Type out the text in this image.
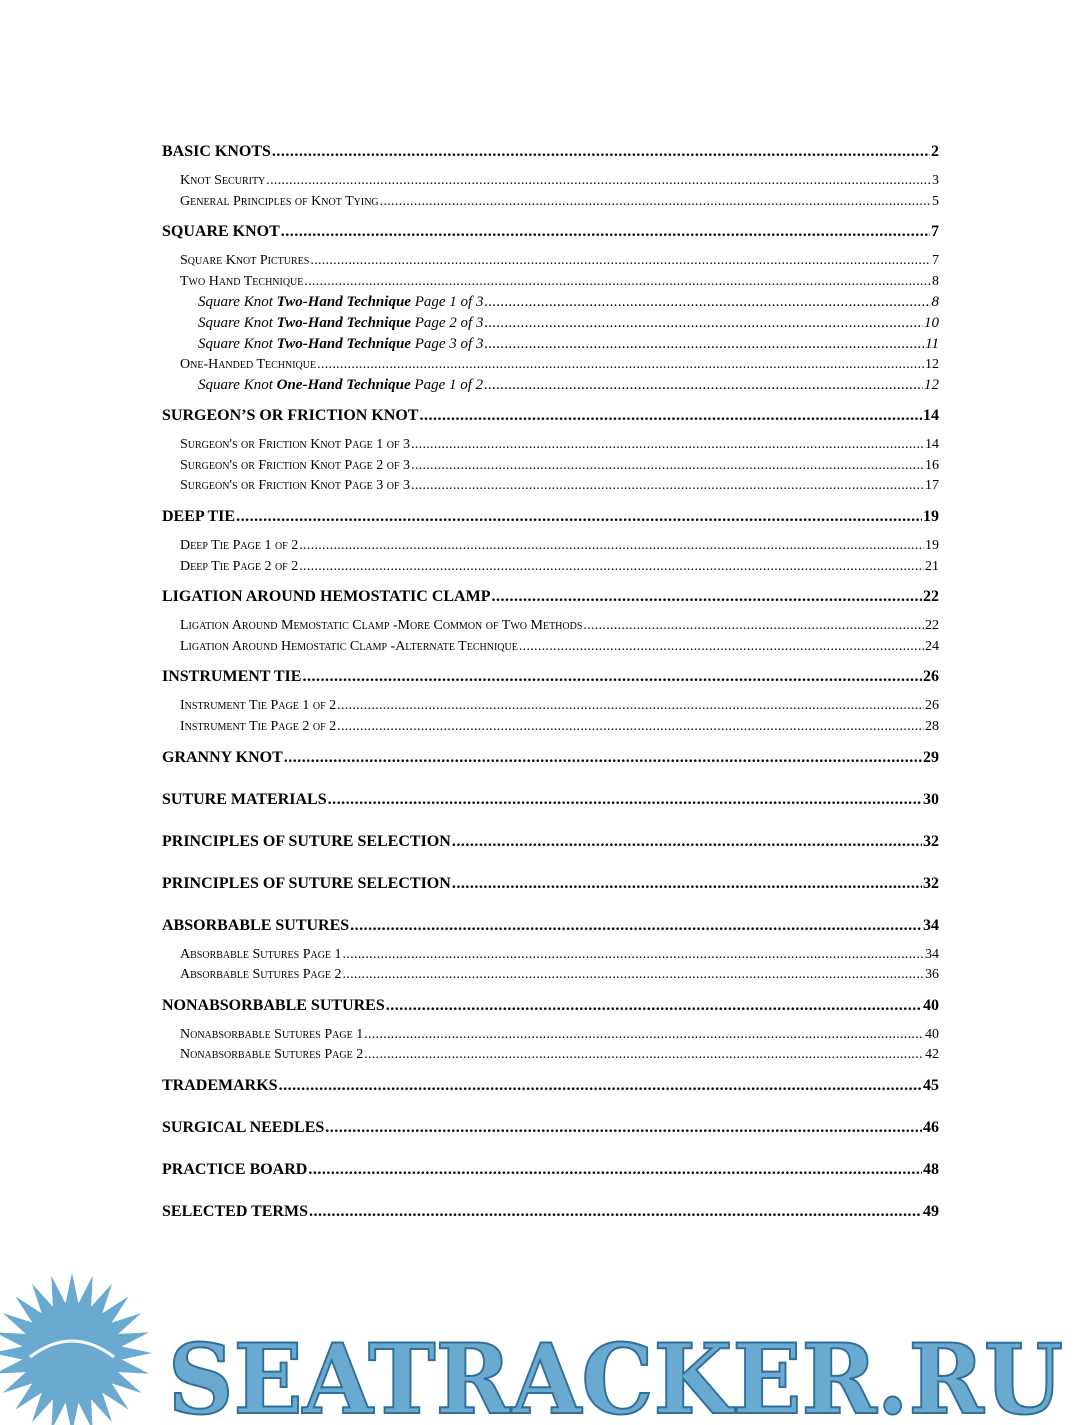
BASIC KNOTS .....	2
Knot Security .....	3
General Principles of Knot Tying .....	5
SQUARE KNOT .....	7
Square Knot Pictures .....	7
Two Hand Technique .....	8
Square Knot Two-Hand Technique Page 1 of 3 .....	8
Square Knot Two-Hand Technique Page 2 of 3 .....	10
Square Knot Two-Hand Technique Page 3 of 3 .....	11
One-Handed Technique .....	12
Square Knot One-Hand Technique Page 1 of 2 .....	12
SURGEON’S OR FRICTION KNOT .....	14
Surgeon's or Friction Knot Page 1 of 3 .....	14
Surgeon's or Friction Knot Page 2 of 3 .....	16
Surgeon's or Friction Knot Page 3 of 3 .....	17
DEEP TIE .....	19
Deep Tie Page 1 of 2 .....	19
Deep Tie Page 2 of 2 .....	21
LIGATION AROUND HEMOSTATIC CLAMP .....	22
Ligation Around Memostatic Clamp -More Common of Two Methods .....	22
Ligation Around Hemostatic Clamp -Alternate Technique .....	24
INSTRUMENT TIE .....	26
Instrument Tie Page 1 of 2 .....	26
Instrument Tie Page 2 of 2 .....	28
GRANNY KNOT .....	29
SUTURE MATERIALS .....	30
PRINCIPLES OF SUTURE SELECTION .....	32
PRINCIPLES OF SUTURE SELECTION .....	32
ABSORBABLE SUTURES .....	34
Absorbable Sutures Page 1 .....	34
Absorbable Sutures Page 2 .....	36
NONABSORBABLE SUTURES .....	40
Nonabsorbable Sutures Page 1 .....	40
Nonabsorbable Sutures Page 2 .....	42
TRADEMARKS .....	45
SURGICAL NEEDLES .....	46
PRACTICE BOARD .....	48
SELECTED TERMS .....	49
SEATRACKER.RU
